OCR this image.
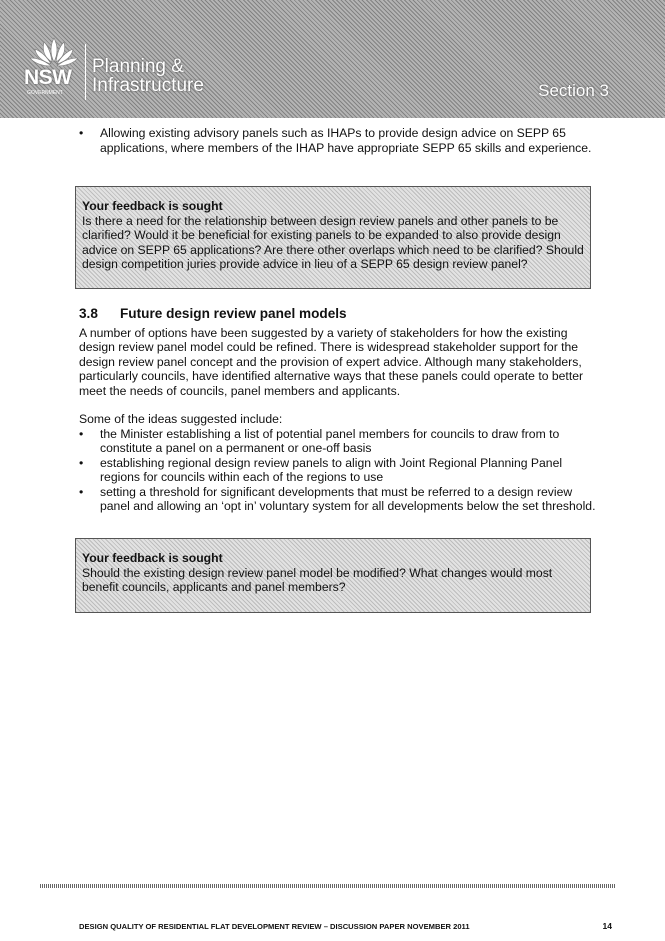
NSW
GOVERNMENT
Planning &
Infrastructure	Section 3
• Allowing existing advisory panels such as IHAPs to provide design advice on SEPP 65 applications, where members of the IHAP have appropriate SEPP 65 skills and experience.
Your feedback is sought
Is there a need for the relationship between design review panels and other panels to be clarified? Would it be beneficial for existing panels to be expanded to also provide design advice on SEPP 65 applications? Are there other overlaps which need to be clarified? Should design competition juries provide advice in lieu of a SEPP 65 design review panel?
3.8 Future design review panel models

A number of options have been suggested by a variety of stakeholders for how the existing design review panel model could be refined. There is widespread stakeholder support for the design review panel concept and the provision of expert advice. Although many stakeholders, particularly councils, have identified alternative ways that these panels could operate to better meet the needs of councils, panel members and applicants.

Some of the ideas suggested include:

• the Minister establishing a list of potential panel members for councils to draw from to constitute a panel on a permanent or one-off basis
• establishing regional design review panels to align with Joint Regional Planning Panel regions for councils within each of the regions to use
• setting a threshold for significant developments that must be referred to a design review panel and allowing an ‘opt in’ voluntary system for all developments below the set threshold.
Your feedback is sought
Should the existing design review panel model be modified? What changes would most benefit councils, applicants and panel members?
DESIGN QUALITY OF RESIDENTIAL FLAT DEVELOPMENT REVIEW – DISCUSSION PAPER NOVEMBER 2011	14
